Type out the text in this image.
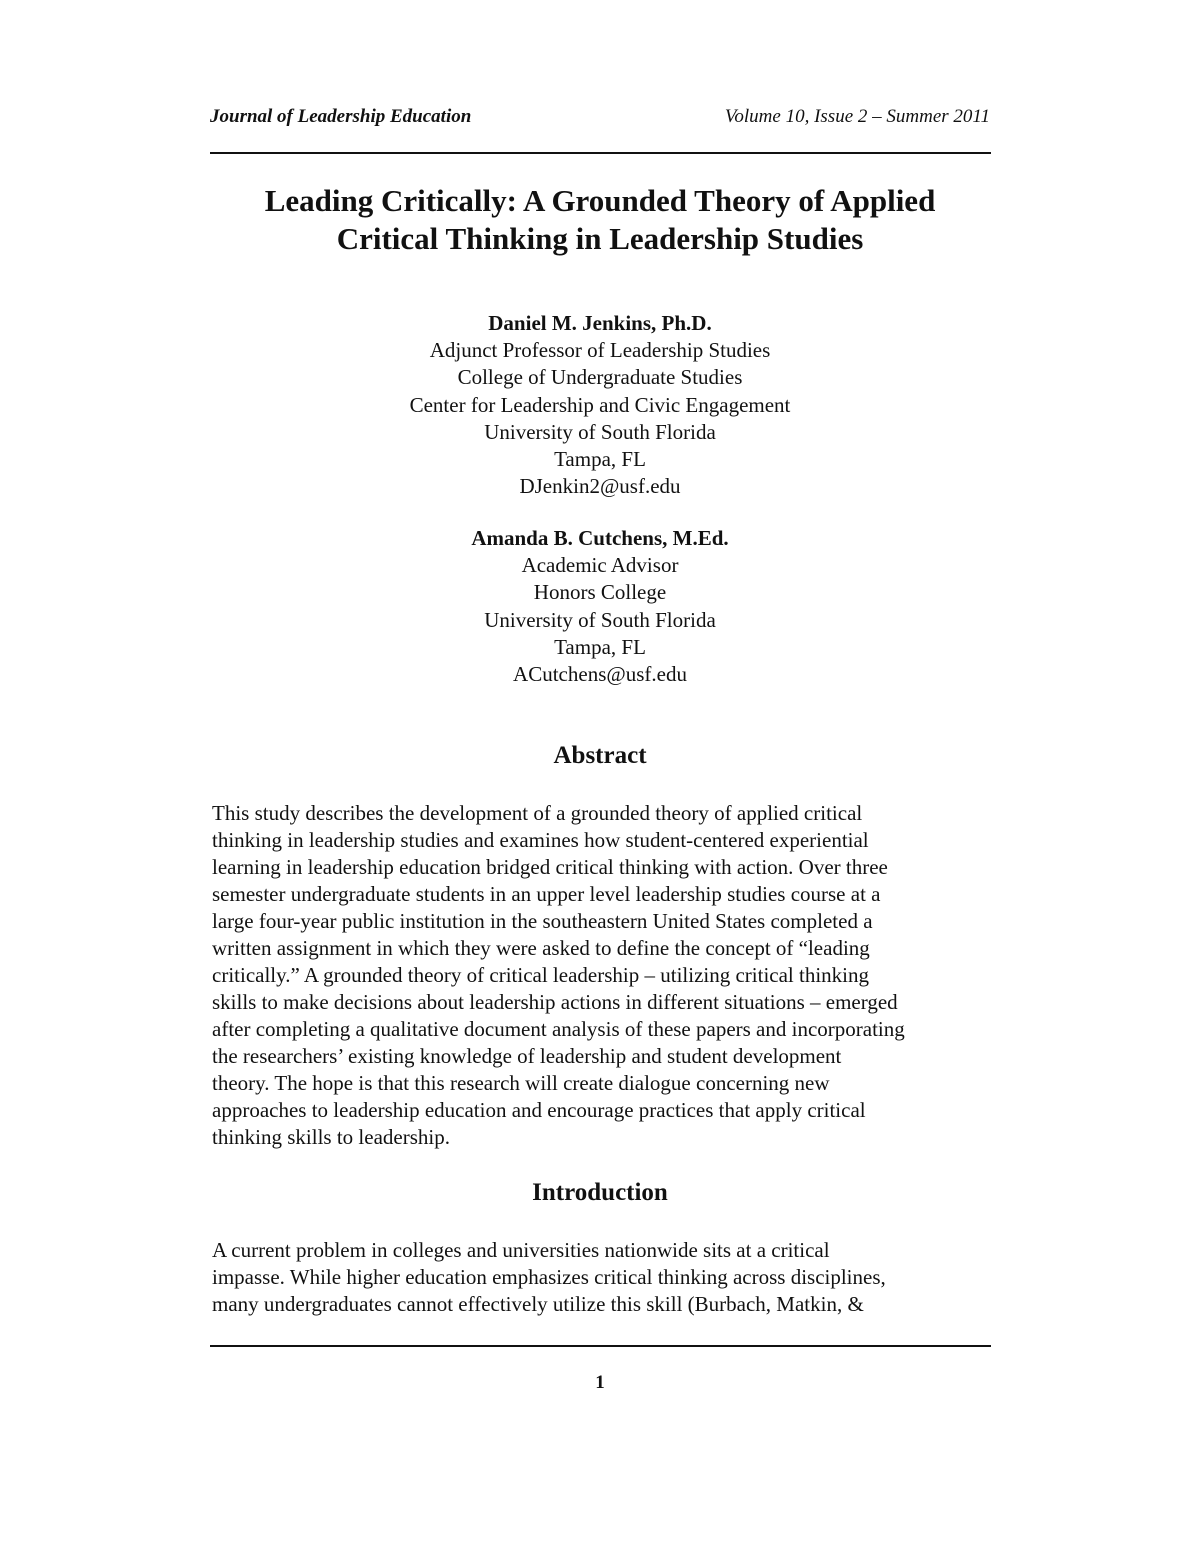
Journal of Leadership Education	Volume 10, Issue 2 – Summer 2011
Leading Critically: A Grounded Theory of Applied
Critical Thinking in Leadership Studies
Daniel M. Jenkins, Ph.D.
Adjunct Professor of Leadership Studies
College of Undergraduate Studies
Center for Leadership and Civic Engagement
University of South Florida
Tampa, FL
DJenkin2@usf.edu
Amanda B. Cutchens, M.Ed.
Academic Advisor
Honors College
University of South Florida
Tampa, FL
ACutchens@usf.edu
Abstract
This study describes the development of a grounded theory of applied critical
thinking in leadership studies and examines how student-centered experiential
learning in leadership education bridged critical thinking with action. Over three
semester undergraduate students in an upper level leadership studies course at a
large four-year public institution in the southeastern United States completed a
written assignment in which they were asked to define the concept of “leading
critically.” A grounded theory of critical leadership – utilizing critical thinking
skills to make decisions about leadership actions in different situations – emerged
after completing a qualitative document analysis of these papers and incorporating
the researchers’ existing knowledge of leadership and student development
theory. The hope is that this research will create dialogue concerning new
approaches to leadership education and encourage practices that apply critical
thinking skills to leadership.
Introduction
A current problem in colleges and universities nationwide sits at a critical
impasse. While higher education emphasizes critical thinking across disciplines,
many undergraduates cannot effectively utilize this skill (Burbach, Matkin, &
1
